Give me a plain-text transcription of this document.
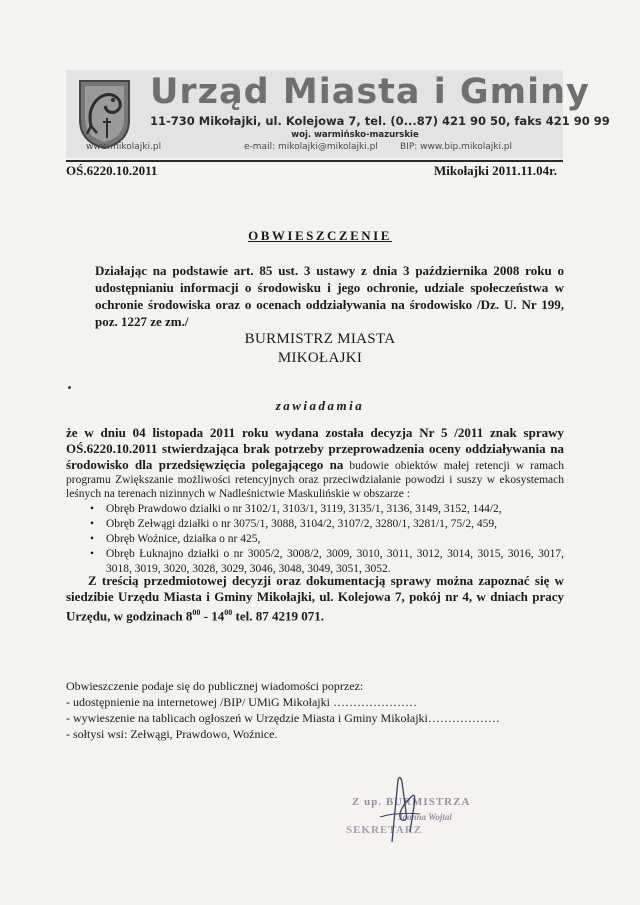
Urząd Miasta i Gminy
11-730 Mikołajki, ul. Kolejowa 7, tel. (0...87) 421 90 50, faks 421 90 99
woj. warmińsko-mazurskie
www.mikolajki.pl	e-mail: mikolajki@mikolajki.pl BIP: www.bip.mikolajki.pl
OŚ.6220.10.2011	Mikołajki 2011.11.04r.
OBWIESZCZENIE
Działając na podstawie art. 85 ust. 3 ustawy z dnia 3 października 2008 roku o udostępnianiu informacji o środowisku i jego ochronie, udziale społeczeństwa w ochronie środowiska oraz o ocenach oddziaływania na środowisko /Dz. U. Nr 199, poz. 1227 ze zm./
BURMISTRZ MIASTA
MIKOŁAJKI
zawiadamia
że w dniu 04 listopada 2011 roku wydana została decyzja Nr 5 /2011 znak sprawy OŚ.6220.10.2011 stwierdzająca brak potrzeby przeprowadzenia oceny oddziaływania na środowisko dla przedsięwzięcia polegającego na budowie obiektów małej retencji w ramach programu Zwiększanie możliwości retencyjnych oraz przeciwdziałanie powodzi i suszy w ekosystemach leśnych na terenach nizinnych w Nadleśnictwie Maskulińskie w obszarze :
• Obręb Prawdowo działki o nr 3102/1, 3103/1, 3119, 3135/1, 3136, 3149, 3152, 144/2,
• Obręb Zełwągi działki o nr 3075/1, 3088, 3104/2, 3107/2, 3280/1, 3281/1, 75/2, 459,
• Obręb Woźnice, działka o nr 425,
• Obręb Łuknajno działki o nr 3005/2, 3008/2, 3009, 3010, 3011, 3012, 3014, 3015, 3016, 3017, 3018, 3019, 3020, 3028, 3029, 3046, 3048, 3049, 3051, 3052.
Z treścią przedmiotowej decyzji oraz dokumentacją sprawy można zapoznać się w siedzibie Urzędu Miasta i Gminy Mikołajki, ul. Kolejowa 7, pokój nr 4, w dniach pracy Urzędu, w godzinach $8^{00} - 14^{00}$ tel. 87 4219 071.
Obwieszczenie podaje się do publicznej wiadomości poprzez:
- udostępnienie na internetowej /BIP/ UMiG Mikołajki …………………
- wywieszenie na tablicach ogłoszeń w Urzędzie Miasta i Gminy Mikołajki………………
- sołtysi wsi: Zełwągi, Prawdowo, Woźnice.
Z up. BURMISTRZA
Joanna Wojtal
SEKRETARZ
